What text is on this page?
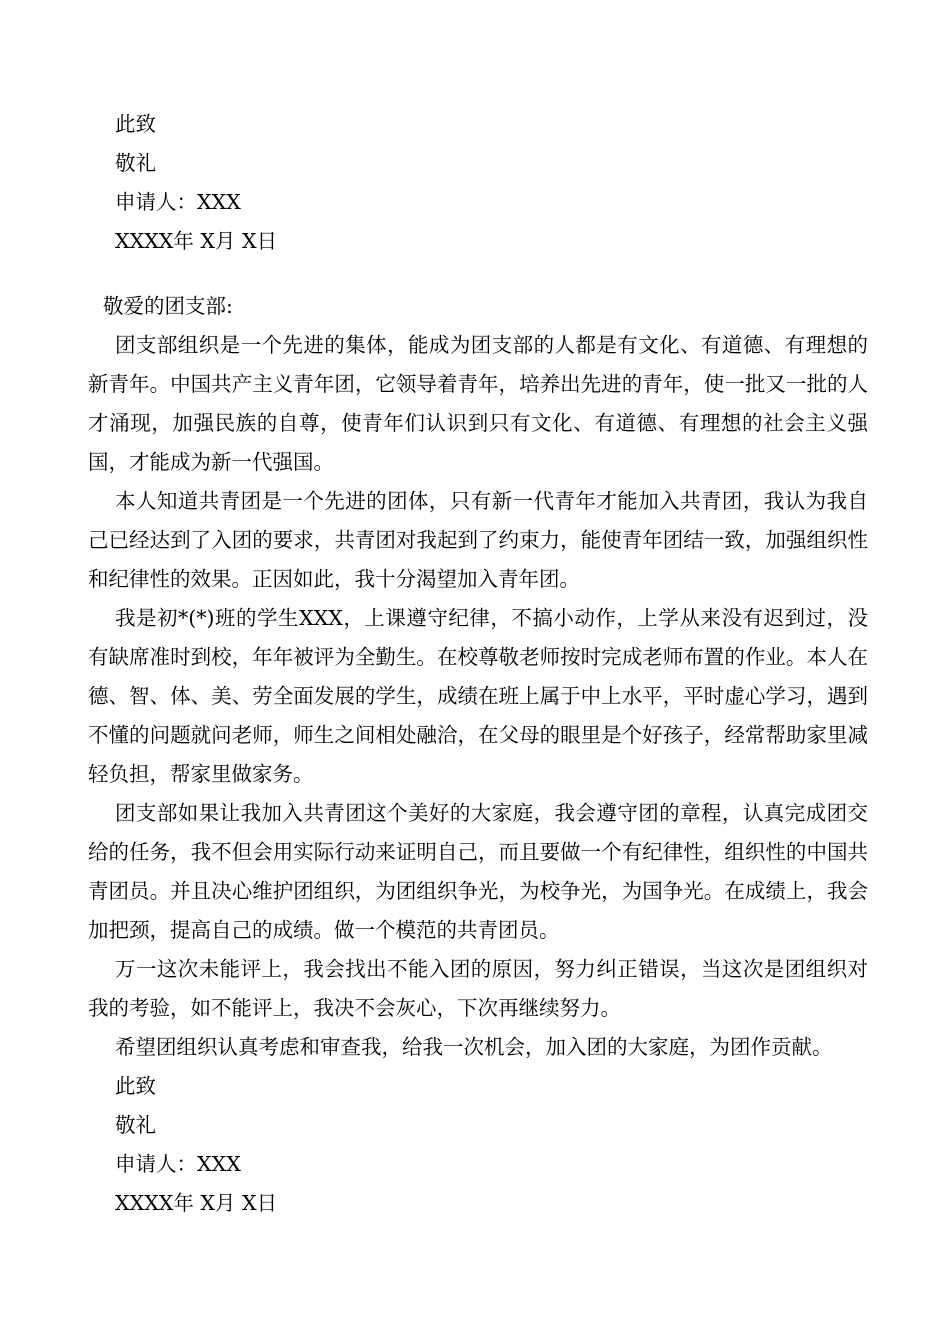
此致

敬礼

申请人：XXX

XXXX年 X月 X日

敬爱的团支部:

团支部组织是一个先进的集体，能成为团支部的人都是有文化、有道德、有理想的新青年。中国共产主义青年团，它领导着青年，培养出先进的青年，使一批又一批的人才涌现，加强民族的自尊，使青年们认识到只有文化、有道德、有理想的社会主义强国，才能成为新一代强国。

本人知道共青团是一个先进的团体，只有新一代青年才能加入共青团，我认为我自己已经达到了入团的要求，共青团对我起到了约束力，能使青年团结一致，加强组织性和纪律性的效果。正因如此，我十分渴望加入青年团。

我是初*(*)班的学生XXX，上课遵守纪律，不搞小动作，上学从来没有迟到过，没有缺席准时到校，年年被评为全勤生。在校尊敬老师按时完成老师布置的作业。本人在德、智、体、美、劳全面发展的学生，成绩在班上属于中上水平，平时虚心学习，遇到不懂的问题就问老师，师生之间相处融洽，在父母的眼里是个好孩子，经常帮助家里减轻负担，帮家里做家务。

团支部如果让我加入共青团这个美好的大家庭，我会遵守团的章程，认真完成团交给的任务，我不但会用实际行动来证明自己，而且要做一个有纪律性，组织性的中国共青团员。并且决心维护团组织，为团组织争光，为校争光，为国争光。在成绩上，我会加把颈，提高自己的成绩。做一个模范的共青团员。

万一这次未能评上，我会找出不能入团的原因，努力纠正错误，当这次是团组织对我的考验，如不能评上，我决不会灰心，下次再继续努力。

希望团组织认真考虑和审查我，给我一次机会，加入团的大家庭，为团作贡献。

此致

敬礼

申请人：XXX

XXXX年 X月 X日
